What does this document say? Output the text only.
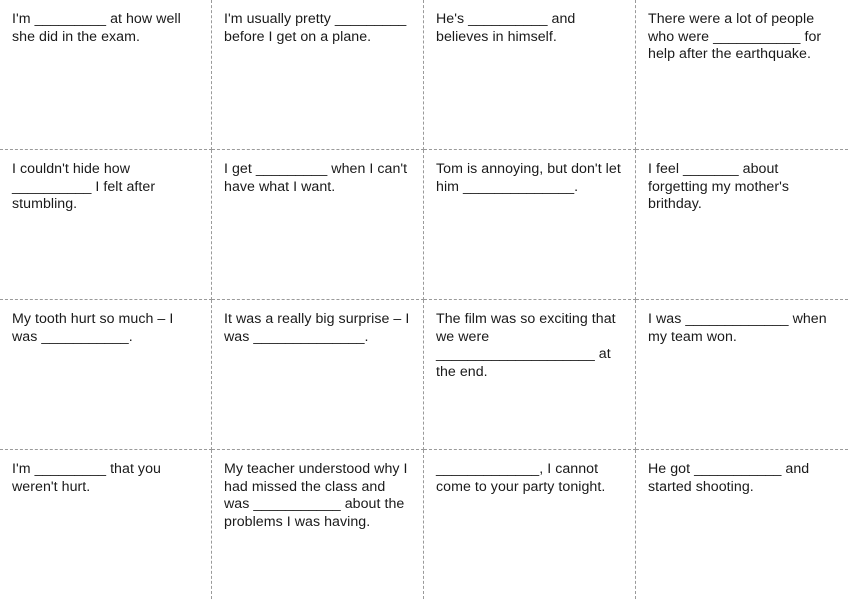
I'm _________ at how well she did in the exam.
I'm usually pretty _________ before I get on a plane.
He's __________ and believes in himself.
There were a lot of people who were ___________ for help after the earthquake.
I couldn't hide how __________ I felt after stumbling.
I get _________ when I can't have what I want.
Tom is annoying, but don't let him ______________.
I feel _______ about forgetting my mother's brithday.
My tooth hurt so much – I was ___________.
It was a really big surprise – I was ______________.
The film was so exciting that we were ____________________ at the end.
I was _____________ when my team won.
I'm _________ that you weren't hurt.
My teacher understood why I had missed the class and was ___________ about the problems I was having.
_____________, I cannot come to your party tonight.
He got ___________ and started shooting.
